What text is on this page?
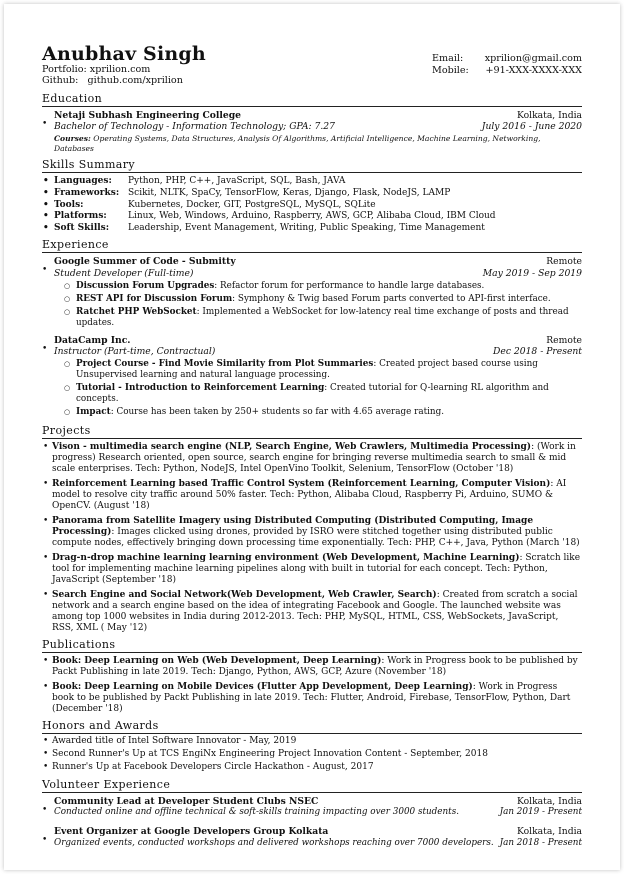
Anubhav Singh
Portfolio: xprilion.com
Github: github.com/xprilion
Email: xprilion@gmail.com
Mobile: +91-XXX-XXXX-XXX
Education
•
Netaji Subhash Engineering College	Kolkata, India
Bachelor of Technology - Information Technology; GPA: 7.27	July 2016 - June 2020
Courses: Operating Systems, Data Structures, Analysis Of Algorithms, Artificial Intelligence, Machine Learning, Networking, Databases
Skills Summary
• Languages:	Python, PHP, C++, JavaScript, SQL, Bash, JAVA
• Frameworks: Scikit, NLTK, SpaCy, TensorFlow, Keras, Django, Flask, NodeJS, LAMP
• Tools:	Kubernetes, Docker, GIT, PostgreSQL, MySQL, SQLite
• Platforms:	Linux, Web, Windows, Arduino, Raspberry, AWS, GCP, Alibaba Cloud, IBM Cloud
• Soft Skills:	Leadership, Event Management, Writing, Public Speaking, Time Management
Experience
•
Google Summer of Code - Submitty	Remote
Student Developer (Full-time)	May 2019 - Sep 2019
○ Discussion Forum Upgrades: Refactor forum for performance to handle large databases.
○ REST API for Discussion Forum: Symphony & Twig based Forum parts converted to API-first interface.
○ Ratchet PHP WebSocket: Implemented a WebSocket for low-latency real time exchange of posts and thread updates.
•
DataCamp Inc.	Remote
Instructor (Part-time, Contractual)	Dec 2018 - Present
○ Project Course - Find Movie Similarity from Plot Summaries: Created project based course using Unsupervised learning and natural language processing.
○ Tutorial - Introduction to Reinforcement Learning: Created tutorial for Q-learning RL algorithm and concepts.
○ Impact: Course has been taken by 250+ students so far with 4.65 average rating.
Projects
• Vison - multimedia search engine (NLP, Search Engine, Web Crawlers, Multimedia Processing): (Work in progress) Research oriented, open source, search engine for bringing reverse multimedia search to small & mid scale enterprises. Tech: Python, NodeJS, Intel OpenVino Toolkit, Selenium, TensorFlow (October '18)
• Reinforcement Learning based Traffic Control System (Reinforcement Learning, Computer Vision): AI model to resolve city traffic around 50% faster. Tech: Python, Alibaba Cloud, Raspberry Pi, Arduino, SUMO & OpenCV. (August '18)
• Panorama from Satellite Imagery using Distributed Computing (Distributed Computing, Image Processing): Images clicked using drones, provided by ISRO were stitched together using distributed public compute nodes, effectively bringing down processing time exponentially. Tech: PHP, C++, Java, Python (March '18)
• Drag-n-drop machine learning learning environment (Web Development, Machine Learning): Scratch like tool for implementing machine learning pipelines along with built in tutorial for each concept. Tech: Python, JavaScript (September '18)
• Search Engine and Social Network(Web Development, Web Crawler, Search): Created from scratch a social network and a search engine based on the idea of integrating Facebook and Google. The launched website was among top 1000 websites in India during 2012-2013. Tech: PHP, MySQL, HTML, CSS, WebSockets, JavaScript, RSS, XML ( May '12)
Publications
• Book: Deep Learning on Web (Web Development, Deep Learning): Work in Progress book to be published by Packt Publishing in late 2019. Tech: Django, Python, AWS, GCP, Azure (November '18)
• Book: Deep Learning on Mobile Devices (Flutter App Development, Deep Learning): Work in Progress book to be published by Packt Publishing in late 2019. Tech: Flutter, Android, Firebase, TensorFlow, Python, Dart (December '18)
Honors and Awards
• Awarded title of Intel Software Innovator - May, 2019
• Second Runner's Up at TCS EngiNx Engineering Project Innovation Content - September, 2018
• Runner's Up at Facebook Developers Circle Hackathon - August, 2017
Volunteer Experience
•
Community Lead at Developer Student Clubs NSEC	Kolkata, India
Conducted online and offline technical & soft-skills training impacting over 3000 students.	Jan 2019 - Present
•
Event Organizer at Google Developers Group Kolkata	Kolkata, India
Organized events, conducted workshops and delivered workshops reaching over 7000 developers. Jan 2018 - Present
